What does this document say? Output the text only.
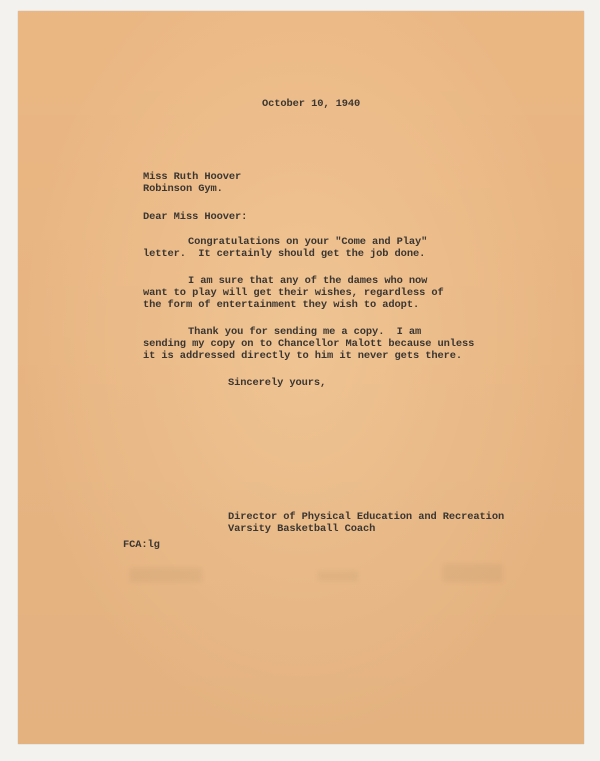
October 10, 1940
Miss Ruth Hoover
Robinson Gym.
Dear Miss Hoover:
Congratulations on your "Come and Play"
letter.  It certainly should get the job done.
I am sure that any of the dames who now
want to play will get their wishes, regardless of
the form of entertainment they wish to adopt.
Thank you for sending me a copy.  I am
sending my copy on to Chancellor Malott because unless
it is addressed directly to him it never gets there.
Sincerely yours,
Director of Physical Education and Recreation
Varsity Basketball Coach
FCA:lg
